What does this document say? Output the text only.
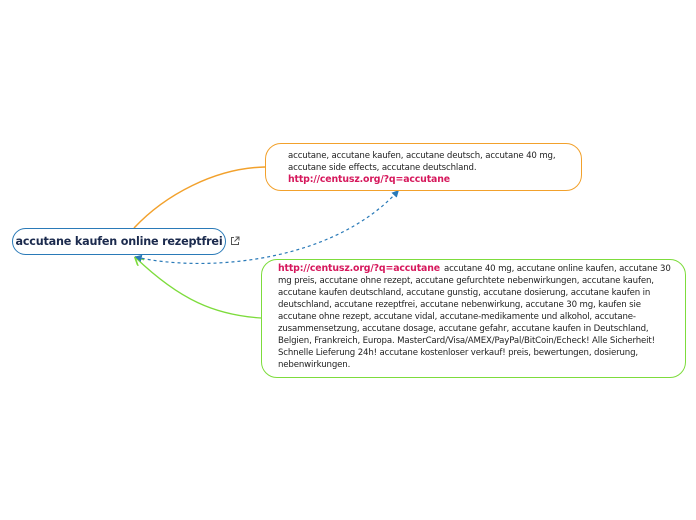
accutane kaufen online rezeptfrei
accutane, accutane kaufen, accutane deutsch, accutane 40 mg, accutane side effects, accutane deutschland.
http://centusz.org/?q=accutane
http://centusz.org/?q=accutane accutane 40 mg, accutane online kaufen, accutane 30 mg preis, accutane ohne rezept, accutane gefurchtete nebenwirkungen, accutane kaufen, accutane kaufen deutschland, accutane gunstig, accutane dosierung, accutane kaufen in deutschland, accutane rezeptfrei, accutane nebenwirkung, accutane 30 mg, kaufen sie accutane ohne rezept, accutane vidal, accutane-medikamente und alkohol, accutane-zusammensetzung, accutane dosage, accutane gefahr, accutane kaufen in Deutschland, Belgien, Frankreich, Europa. MasterCard/Visa/AMEX/PayPal/BitCoin/Echeck! Alle Sicherheit! Schnelle Lieferung 24h! accutane kostenloser verkauf! preis, bewertungen, dosierung, nebenwirkungen.
